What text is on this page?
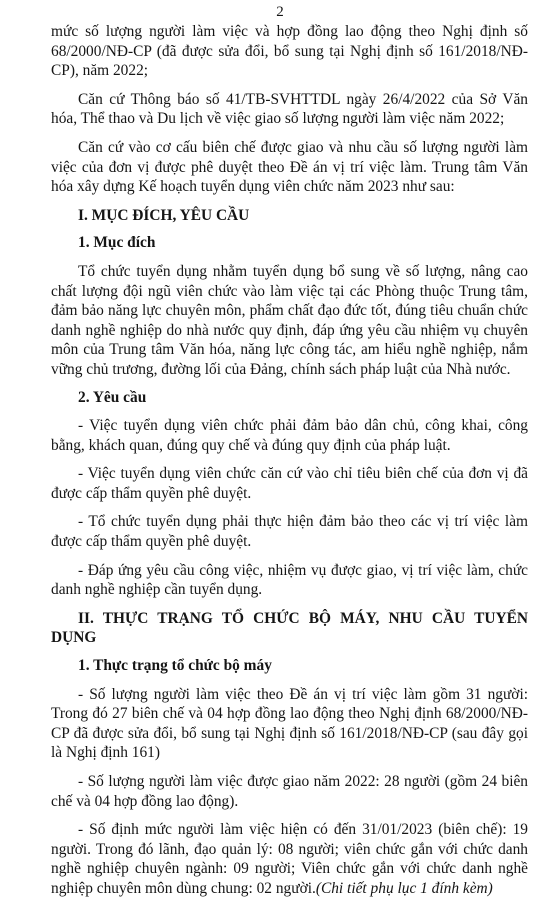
2

mức số lượng người làm việc và hợp đồng lao động theo Nghị định số 68/2000/NĐ-CP (đã được sửa đổi, bổ sung tại Nghị định số 161/2018/NĐ-CP), năm 2022;

Căn cứ Thông báo số 41/TB-SVHTTDL ngày 26/4/2022 của Sở Văn hóa, Thể thao và Du lịch về việc giao số lượng người làm việc năm 2022;

Căn cứ vào cơ cấu biên chế được giao và nhu cầu số lượng người làm việc của đơn vị được phê duyệt theo Đề án vị trí việc làm. Trung tâm Văn hóa xây dựng Kế hoạch tuyển dụng viên chức năm 2023 như sau:

I. MỤC ĐÍCH, YÊU CẦU

1. Mục đích

Tổ chức tuyển dụng nhằm tuyển dụng bổ sung về số lượng, nâng cao chất lượng đội ngũ viên chức vào làm việc tại các Phòng thuộc Trung tâm, đảm bảo năng lực chuyên môn, phẩm chất đạo đức tốt, đúng tiêu chuẩn chức danh nghề nghiệp do nhà nước quy định, đáp ứng yêu cầu nhiệm vụ chuyên môn của Trung tâm Văn hóa, năng lực công tác, am hiểu nghề nghiệp, nắm vững chủ trương, đường lối của Đảng, chính sách pháp luật của Nhà nước.

2. Yêu cầu

- Việc tuyển dụng viên chức phải đảm bảo dân chủ, công khai, công bằng, khách quan, đúng quy chế và đúng quy định của pháp luật.

- Việc tuyển dụng viên chức căn cứ vào chỉ tiêu biên chế của đơn vị đã được cấp thẩm quyền phê duyệt.

- Tổ chức tuyển dụng phải thực hiện đảm bảo theo các vị trí việc làm được cấp thẩm quyền phê duyệt.

- Đáp ứng yêu cầu công việc, nhiệm vụ được giao, vị trí việc làm, chức danh nghề nghiệp cần tuyển dụng.

II. THỰC TRẠNG TỔ CHỨC BỘ MÁY, NHU CẦU TUYỂN DỤNG

1. Thực trạng tổ chức bộ máy

- Số lượng người làm việc theo Đề án vị trí việc làm gồm 31 người: Trong đó 27 biên chế và 04 hợp đồng lao động theo Nghị định 68/2000/NĐ-CP đã được sửa đổi, bổ sung tại Nghị định số 161/2018/NĐ-CP (sau đây gọi là Nghị định 161)

- Số lượng người làm việc được giao năm 2022: 28 người (gồm 24 biên chế và 04 hợp đồng lao động).

- Số định mức người làm việc hiện có đến 31/01/2023 (biên chế): 19 người. Trong đó lãnh, đạo quản lý: 08 người; viên chức gắn với chức danh nghề nghiệp chuyên ngành: 09 người; Viên chức gắn với chức danh nghề nghiệp chuyên môn dùng chung: 02 người.(Chi tiết phụ lục 1 đính kèm)
